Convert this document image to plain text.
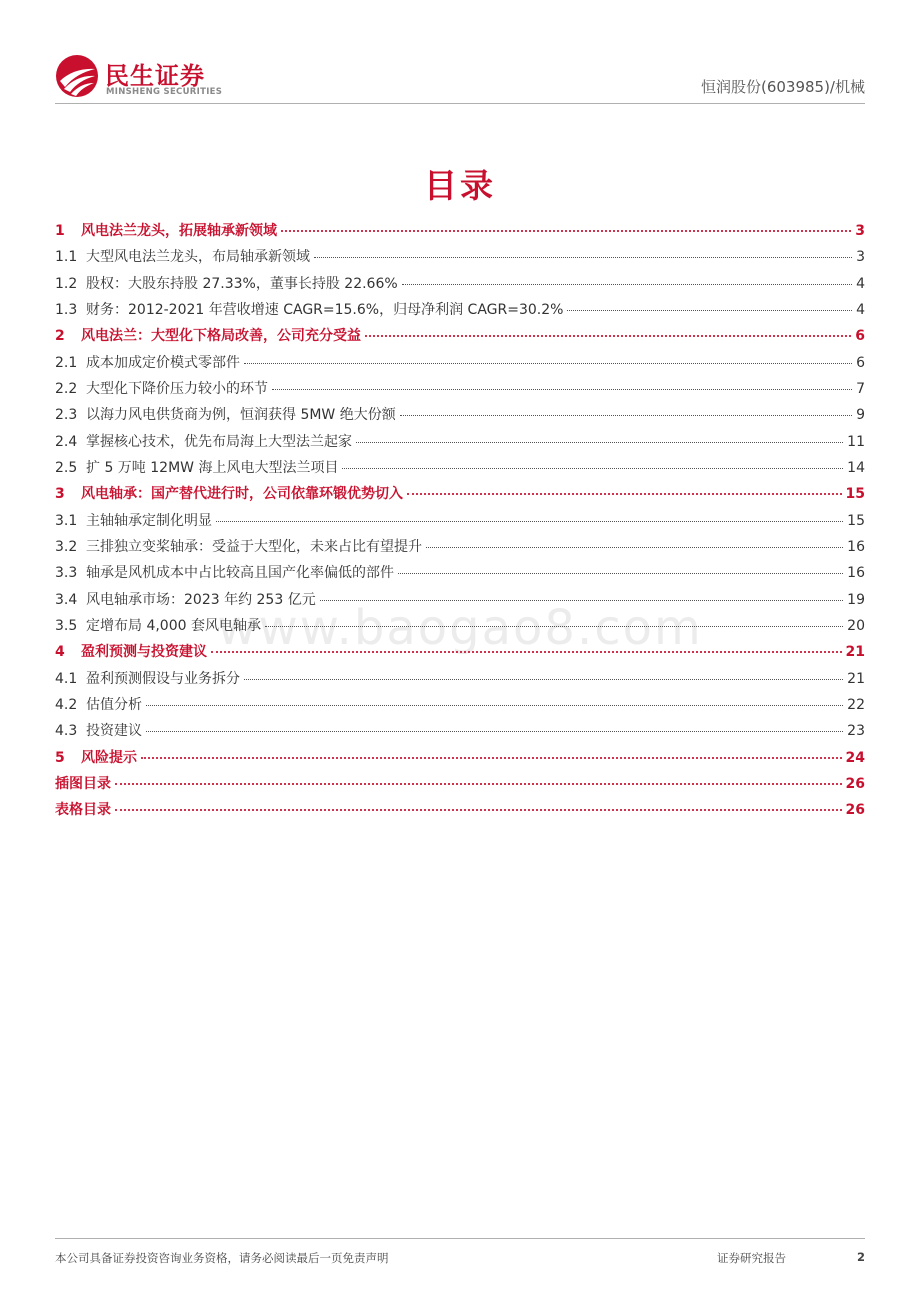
民生证券
MINSHENG SECURITIES	恒润股份(603985)/机械
目录
www.baogao8.com
1	风电法兰龙头，拓展轴承新领域	3
1.1 大型风电法兰龙头，布局轴承新领域	3
1.2 股权：大股东持股 27.33%，董事长持股 22.66%	4
1.3 财务：2012-2021 年营收增速 CAGR=15.6%，归母净利润 CAGR=30.2%	4
2	风电法兰：大型化下格局改善，公司充分受益	6
2.1 成本加成定价模式零部件	6
2.2 大型化下降价压力较小的环节	7
2.3 以海力风电供货商为例，恒润获得 5MW 绝大份额	9
2.4 掌握核心技术，优先布局海上大型法兰起家	11
2.5 扩 5 万吨 12MW 海上风电大型法兰项目	14
3	风电轴承：国产替代进行时，公司依靠环锻优势切入	15
3.1 主轴轴承定制化明显	15
3.2 三排独立变桨轴承：受益于大型化，未来占比有望提升	16
3.3 轴承是风机成本中占比较高且国产化率偏低的部件	16
3.4 风电轴承市场：2023 年约 253 亿元	19
3.5 定增布局 4,000 套风电轴承	20
4	盈利预测与投资建议	21
4.1 盈利预测假设与业务拆分	21
4.2 估值分析	22
4.3 投资建议	23
5	风险提示	24
插图目录	26
表格目录	26
本公司具备证券投资咨询业务资格，请务必阅读最后一页免责声明	证券研究报告	2
